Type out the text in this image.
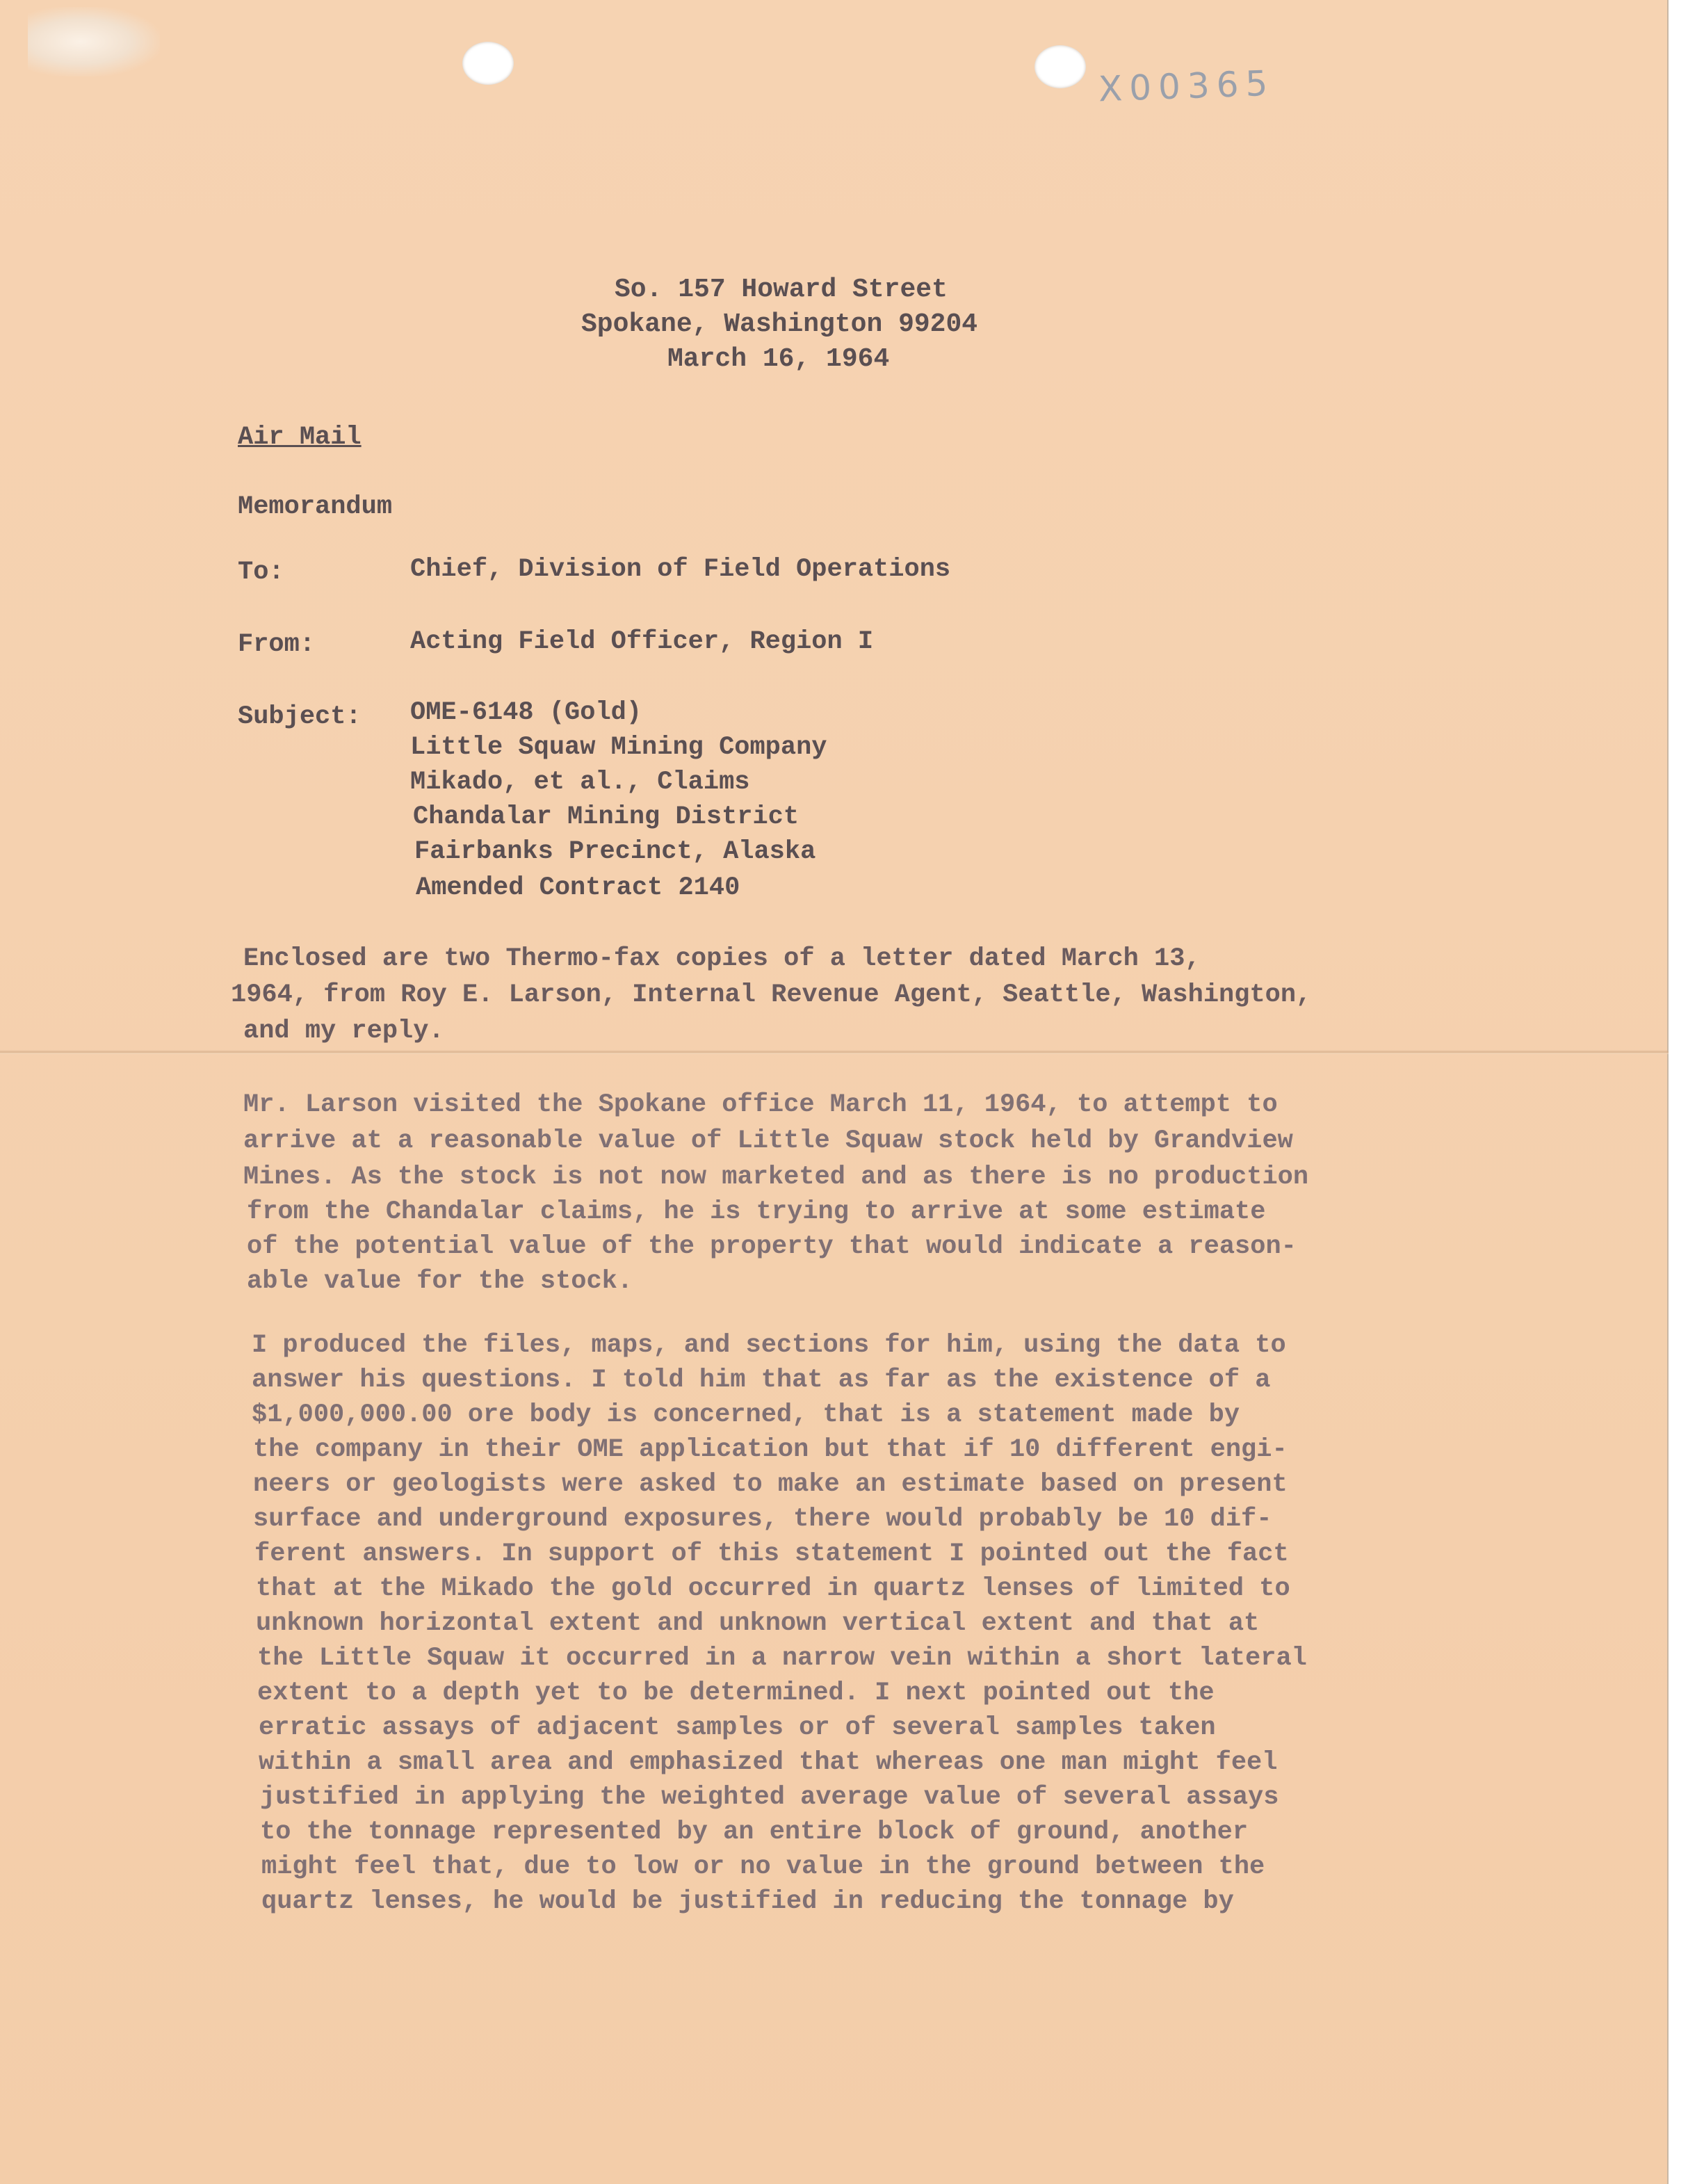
X00365
So. 157 Howard Street
Spokane, Washington 99204
March 16, 1964
Air Mail
Memorandum
To:	Chief, Division of Field Operations
From:	Acting Field Officer, Region I
Subject: OME-6148 (Gold)
Little Squaw Mining Company
Mikado, et al., Claims
Chandalar Mining District
Fairbanks Precinct, Alaska
Amended Contract 2140
Enclosed are two Thermo-fax copies of a letter dated March 13,
1964, from Roy E. Larson, Internal Revenue Agent, Seattle, Washington,
and my reply.
Mr. Larson visited the Spokane office March 11, 1964, to attempt to
arrive at a reasonable value of Little Squaw stock held by Grandview
Mines. As the stock is not now marketed and as there is no production
from the Chandalar claims, he is trying to arrive at some estimate
of the potential value of the property that would indicate a reason-
able value for the stock.
I produced the files, maps, and sections for him, using the data to
answer his questions. I told him that as far as the existence of a
$1,000,000.00 ore body is concerned, that is a statement made by
the company in their OME application but that if 10 different engi-
neers or geologists were asked to make an estimate based on present
surface and underground exposures, there would probably be 10 dif-
ferent answers. In support of this statement I pointed out the fact
that at the Mikado the gold occurred in quartz lenses of limited to
unknown horizontal extent and unknown vertical extent and that at
the Little Squaw it occurred in a narrow vein within a short lateral
extent to a depth yet to be determined. I next pointed out the
erratic assays of adjacent samples or of several samples taken
within a small area and emphasized that whereas one man might feel
justified in applying the weighted average value of several assays
to the tonnage represented by an entire block of ground, another
might feel that, due to low or no value in the ground between the
quartz lenses, he would be justified in reducing the tonnage by
